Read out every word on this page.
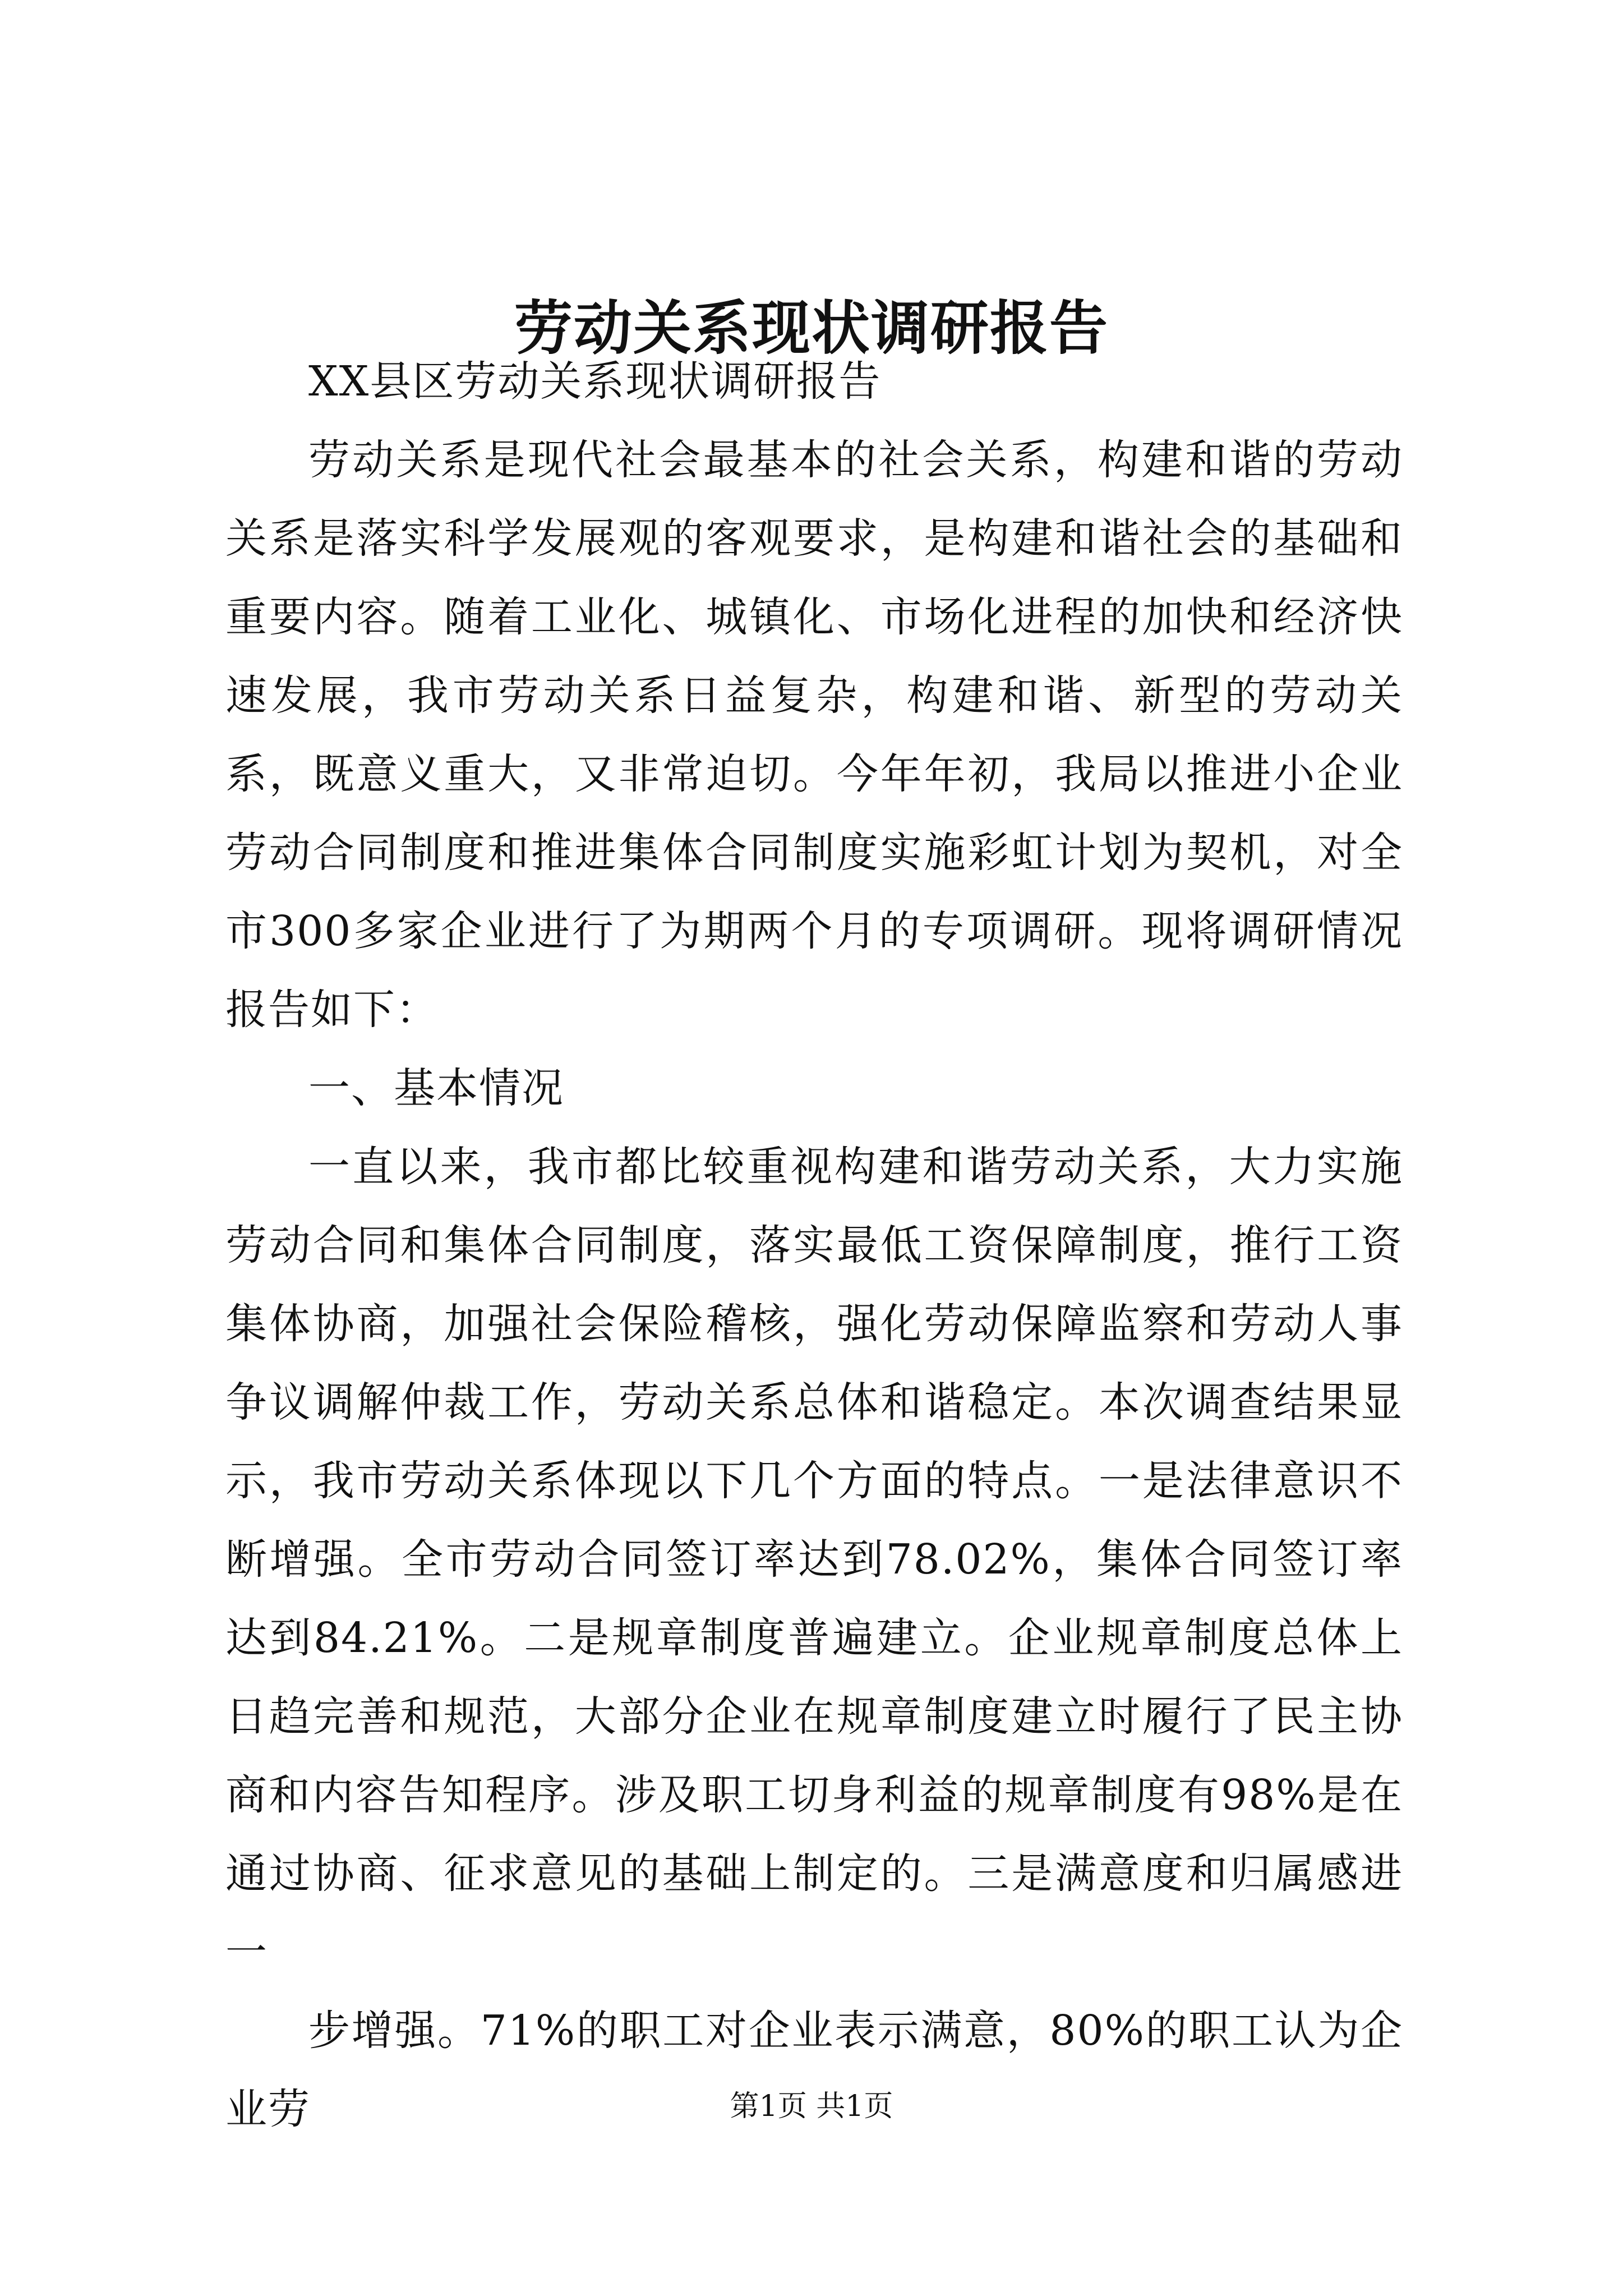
劳动关系现状调研报告

XX县区劳动关系现状调研报告

劳动关系是现代社会最基本的社会关系，构建和谐的劳动关系是落实科学发展观的客观要求，是构建和谐社会的基础和重要内容。随着工业化、城镇化、市场化进程的加快和经济快速发展，我市劳动关系日益复杂，构建和谐、新型的劳动关系，既意义重大，又非常迫切。今年年初，我局以推进小企业劳动合同制度和推进集体合同制度实施彩虹计划为契机，对全市300多家企业进行了为期两个月的专项调研。现将调研情况报告如下：

一、基本情况

一直以来，我市都比较重视构建和谐劳动关系，大力实施劳动合同和集体合同制度，落实最低工资保障制度，推行工资集体协商，加强社会保险稽核，强化劳动保障监察和劳动人事争议调解仲裁工作，劳动关系总体和谐稳定。本次调查结果显示，我市劳动关系体现以下几个方面的特点。一是法律意识不断增强。全市劳动合同签订率达到78.02%，集体合同签订率达到84.21%。二是规章制度普遍建立。企业规章制度总体上日趋完善和规范，大部分企业在规章制度建立时履行了民主协商和内容告知程序。涉及职工切身利益的规章制度有98%是在通过协商、征求意见的基础上制定的。三是满意度和归属感进一

步增强。71%的职工对企业表示满意，80%的职工认为企业劳	第1页 共1页
